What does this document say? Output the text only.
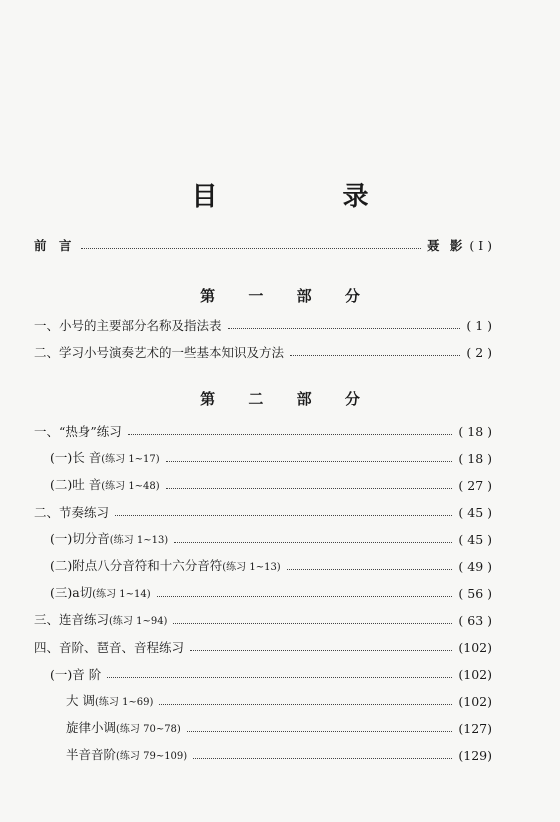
目 录
前 言	聂 影 ( I )
第 一 部 分
一、小号的主要部分名称及指法表	( 1 )
二、学习小号演奏艺术的一些基本知识及方法	( 2 )
第 二 部 分
一、“热身”练习	( 18 )
(一)长 音(练习 1~17)	( 18 )
(二)吐 音(练习 1~48)	( 27 )
二、节奏练习	( 45 )
(一)切分音(练习 1~13)	( 45 )
(二)附点八分音符和十六分音符(练习 1~13)	( 49 )
(三)a切(练习 1~14)	( 56 )
三、连音练习(练习 1~94)	( 63 )
四、音阶、琶音、音程练习	(102)
(一)音 阶	(102)
大 调(练习 1~69)	(102)
旋律小调(练习 70~78)	(127)
半音音阶(练习 79~109)	(129)
